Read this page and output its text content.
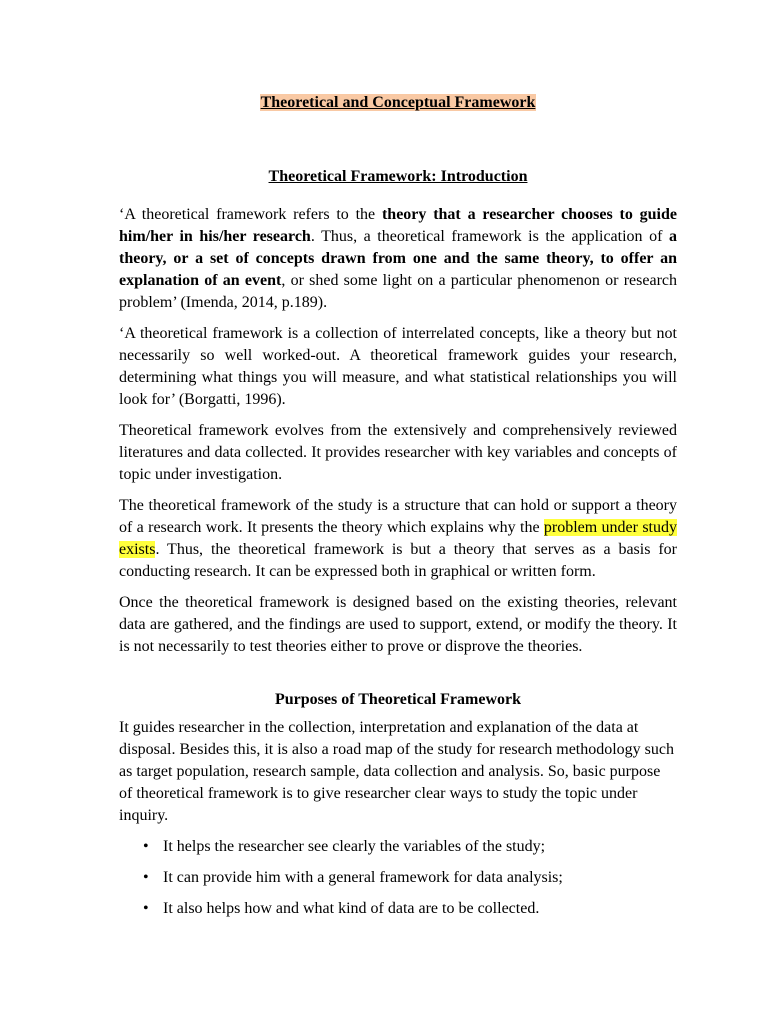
Theoretical and Conceptual Framework

Theoretical Framework: Introduction

‘A theoretical framework refers to the theory that a researcher chooses to guide him/her in his/her research. Thus, a theoretical framework is the application of a theory, or a set of concepts drawn from one and the same theory, to offer an explanation of an event, or shed some light on a particular phenomenon or research problem’ (Imenda, 2014, p.189).

‘A theoretical framework is a collection of interrelated concepts, like a theory but not necessarily so well worked-out. A theoretical framework guides your research, determining what things you will measure, and what statistical relationships you will look for’ (Borgatti, 1996).

Theoretical framework evolves from the extensively and comprehensively reviewed literatures and data collected. It provides researcher with key variables and concepts of topic under investigation.

The theoretical framework of the study is a structure that can hold or support a theory of a research work. It presents the theory which explains why the problem under study exists. Thus, the theoretical framework is but a theory that serves as a basis for conducting research. It can be expressed both in graphical or written form.

Once the theoretical framework is designed based on the existing theories, relevant data are gathered, and the findings are used to support, extend, or modify the theory. It is not necessarily to test theories either to prove or disprove the theories.

Purposes of Theoretical Framework

It guides researcher in the collection, interpretation and explanation of the data at disposal. Besides this, it is also a road map of the study for research methodology such as target population, research sample, data collection and analysis. So, basic purpose of theoretical framework is to give researcher clear ways to study the topic under inquiry.

• It helps the researcher see clearly the variables of the study;
• It can provide him with a general framework for data analysis;
• It also helps how and what kind of data are to be collected.
